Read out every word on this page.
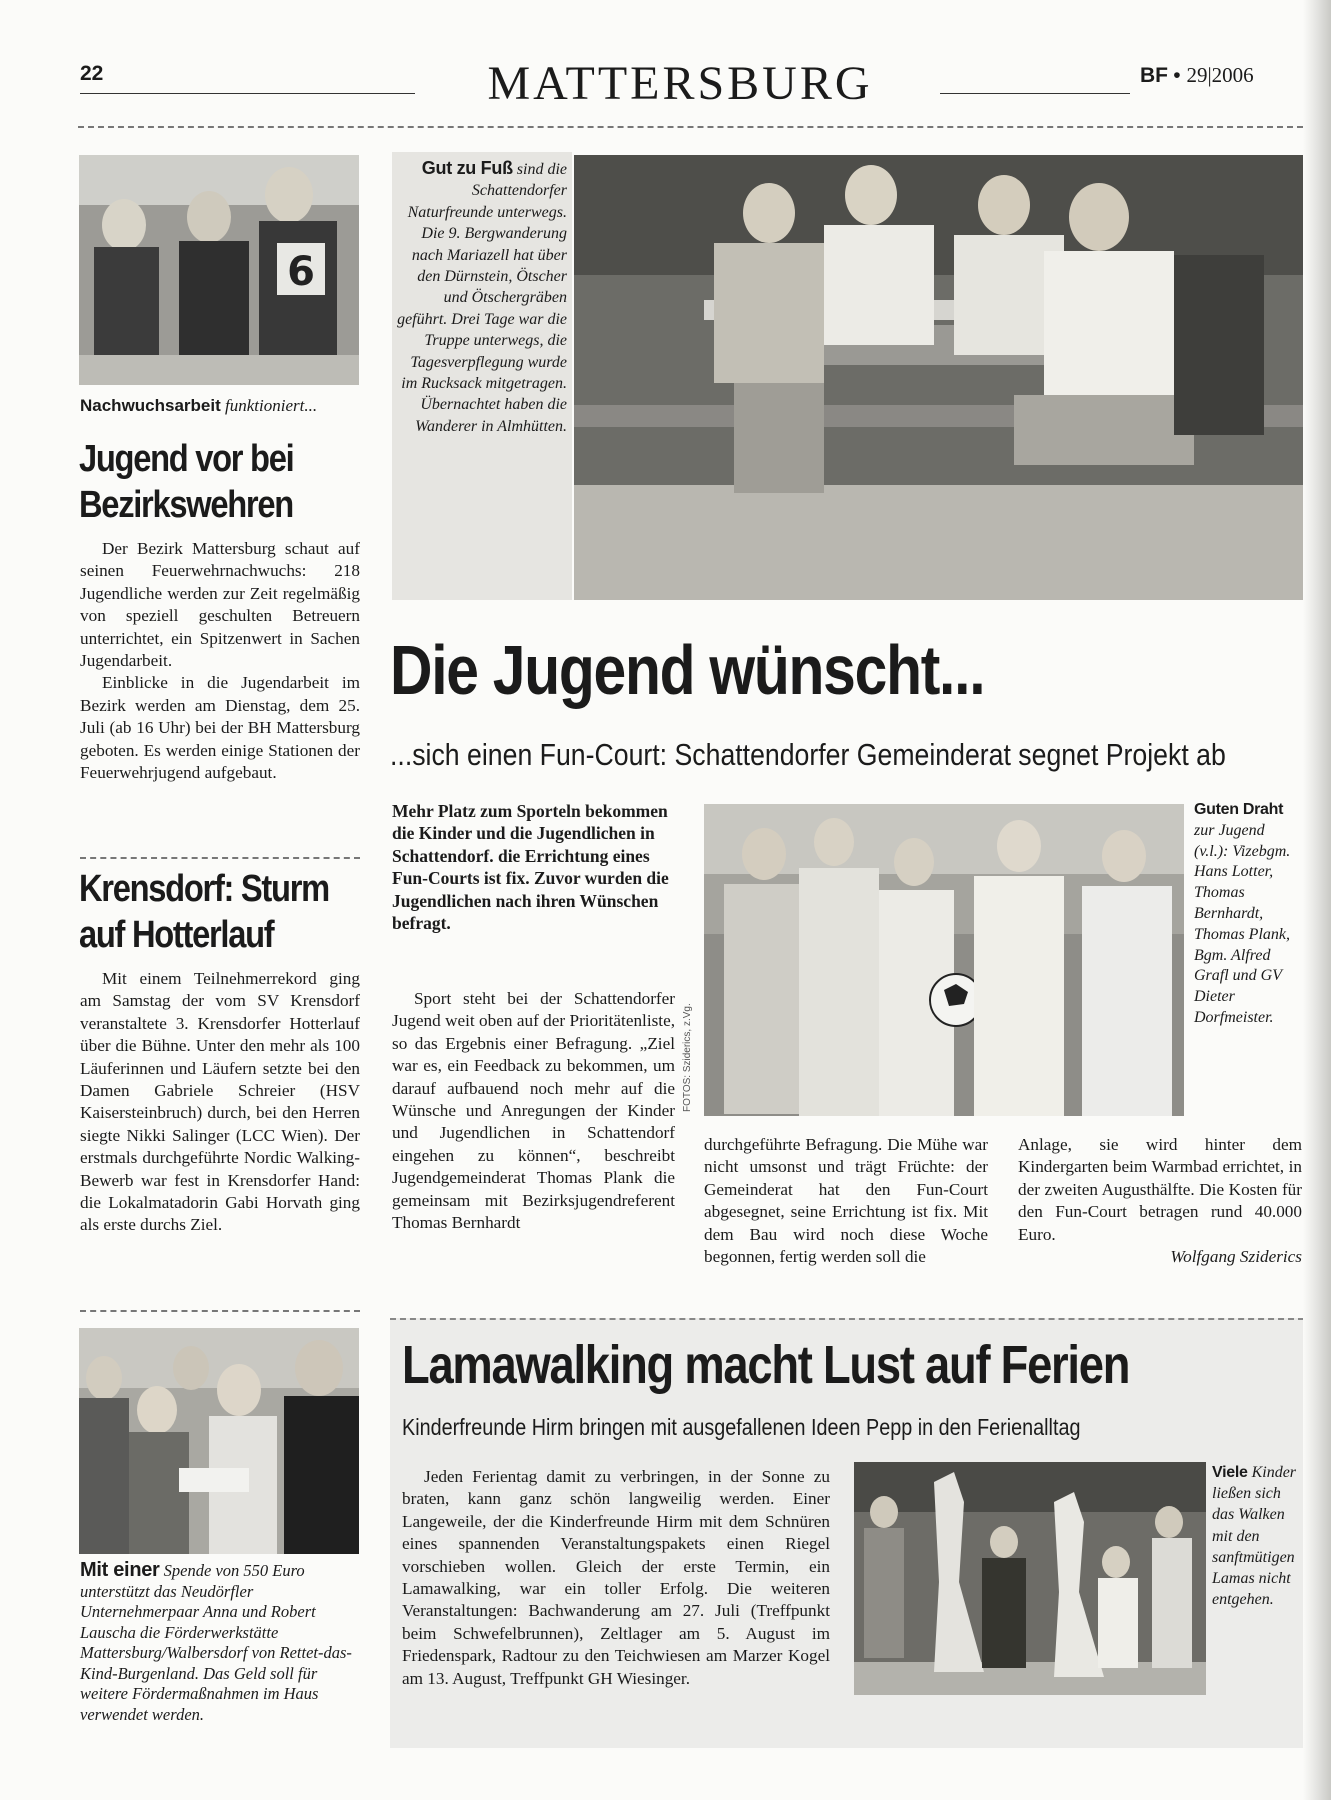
22	MATTERSBURG	BF • 29|2006
6
Nachwuchsarbeit funktioniert...
Jugend vor bei Bezirkswehren

Der Bezirk Mattersburg schaut auf seinen Feuerwehrnachwuchs: 218 Jugendliche werden zur Zeit regelmäßig von speziell geschulten Betreuern unterrichtet, ein Spitzenwert in Sachen Jugendarbeit.

Einblicke in die Jugendarbeit im Bezirk werden am Dienstag, dem 25. Juli (ab 16 Uhr) bei der BH Mattersburg geboten. Es werden einige Stationen der Feuerwehrjugend aufgebaut.

Krensdorf: Sturm auf Hotterlauf

Mit einem Teilnehmerrekord ging am Samstag der vom SV Krensdorf veranstaltete 3. Krensdorfer Hotterlauf über die Bühne. Unter den mehr als 100 Läuferinnen und Läufern setzte bei den Damen Gabriele Schreier (HSV Kaisersteinbruch) durch, bei den Herren siegte Nikki Salinger (LCC Wien). Der erstmals durchgeführte Nordic Walking-Bewerb war fest in Krensdorfer Hand: die Lokalmatadorin Gabi Horvath ging als erste durchs Ziel.

Mit einer Spende von 550 Euro unterstützt das Neudörfler Unternehmerpaar Anna und Robert Lauscha die Förderwerkstätte Mattersburg/Walbersdorf von Rettet-das-Kind-Burgenland. Das Geld soll für weitere Fördermaßnahmen im Haus verwendet werden.
Gut zu Fuß sind die Schattendorfer Naturfreunde unterwegs. Die 9. Bergwanderung nach Mariazell hat über den Dürnstein, Ötscher und Ötschergräben geführt. Drei Tage war die Truppe unterwegs, die Tagesverpflegung wurde im Rucksack mitgetragen. Übernachtet haben die Wanderer in Almhütten.
Die Jugend wünscht...
...sich einen Fun-Court: Schattendorfer Gemeinderat segnet Projekt ab
Mehr Platz zum Sporteln bekommen die Kinder und die Jugendlichen in Schattendorf. die Errichtung eines Fun-Courts ist fix. Zuvor wurden die Jugendlichen nach ihren Wünschen befragt.

Sport steht bei der Schattendorfer Jugend weit oben auf der Prioritätenliste, so das Ergebnis einer Befragung. „Ziel war es, ein Feedback zu bekommen, um darauf aufbauend noch mehr auf die Wünsche und Anregungen der Kinder und Jugendlichen in Schattendorf eingehen zu können“, beschreibt Jugendgemeinderat Thomas Plank die gemeinsam mit Bezirksjugendreferent Thomas Bernhardt

FOTOS: Sziderics, z.Vg.
Guten Draht zur Jugend (v.l.): Vizebgm. Hans Lotter, Thomas Bernhardt, Thomas Plank, Bgm. Alfred Grafl und GV Dieter Dorfmeister.

durchgeführte Befragung. Die Mühe war nicht umsonst und trägt Früchte: der Gemeinderat hat den Fun-Court abgesegnet, seine Errichtung ist fix. Mit dem Bau wird noch diese Woche begonnen, fertig werden soll die

Anlage, sie wird hinter dem Kindergarten beim Warmbad errichtet, in der zweiten Augusthälfte. Die Kosten für den Fun-Court betragen rund 40.000 Euro.

Wolfgang Sziderics
Lamawalking macht Lust auf Ferien
Kinderfreunde Hirm bringen mit ausgefallenen Ideen Pepp in den Ferienalltag

Jeden Ferientag damit zu verbringen, in der Sonne zu braten, kann ganz schön langweilig werden. Einer Langeweile, der die Kinderfreunde Hirm mit dem Schnüren eines spannenden Veranstaltungspakets einen Riegel vorschieben wollen. Gleich der erste Termin, ein Lamawalking, war ein toller Erfolg. Die weiteren Veranstaltungen: Bachwanderung am 27. Juli (Treffpunkt beim Schwefelbrunnen), Zeltlager am 5. August im Friedenspark, Radtour zu den Teichwiesen am Marzer Kogel am 13. August, Treffpunkt GH Wiesinger.

Viele Kinder ließen sich das Walken mit den sanftmütigen Lamas nicht entgehen.
